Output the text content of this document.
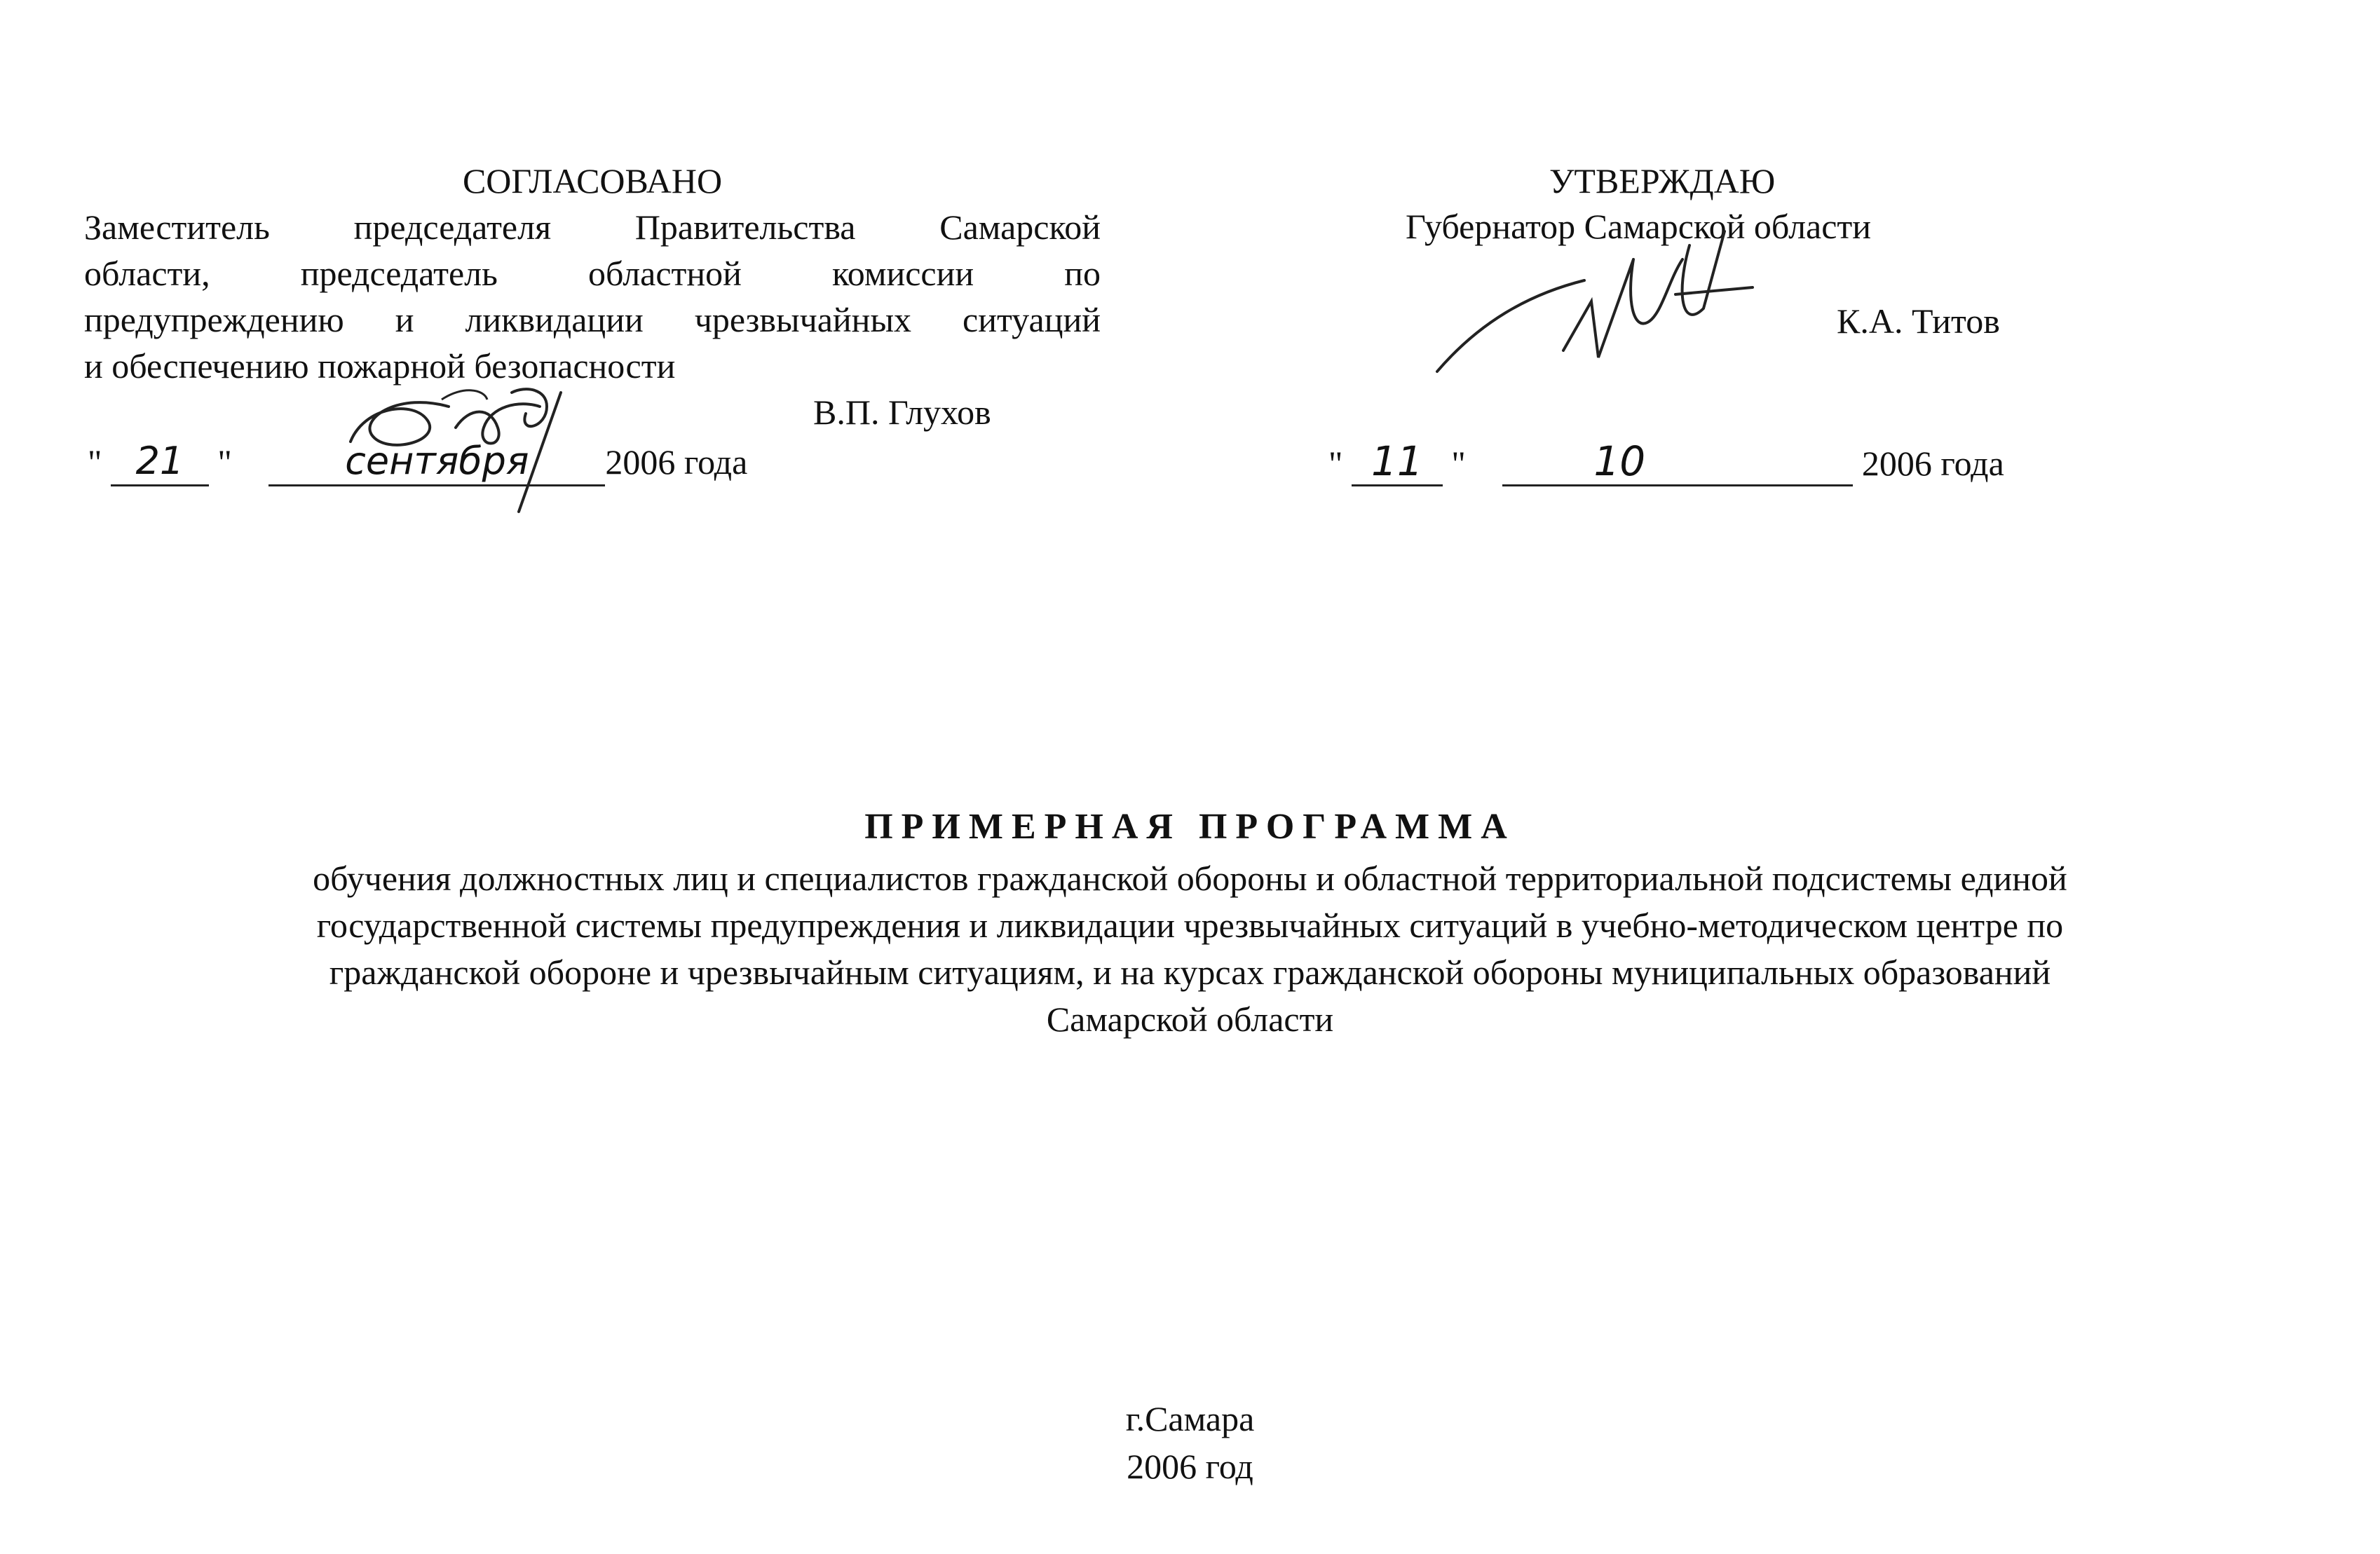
СОГЛАСОВАНО
Заместитель председателя Правительства Самарской
области,	председатель	областной	комиссии	по
предупреждению и ликвидации чрезвычайных ситуаций
и обеспечению пожарной безопасности
В.П. Глухов
" 21 "	сентября 2006 года
УТВЕРЖДАЮ
Губернатор Самарской области
К.А. Титов
" 11 "	10	2006 года
ПРИМЕРНАЯ ПРОГРАММА
обучения должностных лиц и специалистов гражданской обороны и областной территориальной подсистемы единой
государственной системы предупреждения и ликвидации чрезвычайных ситуаций в учебно-методическом центре по
гражданской обороне и чрезвычайным ситуациям, и на курсах гражданской обороны муниципальных образований
Самарской области
г.Самара
2006 год
